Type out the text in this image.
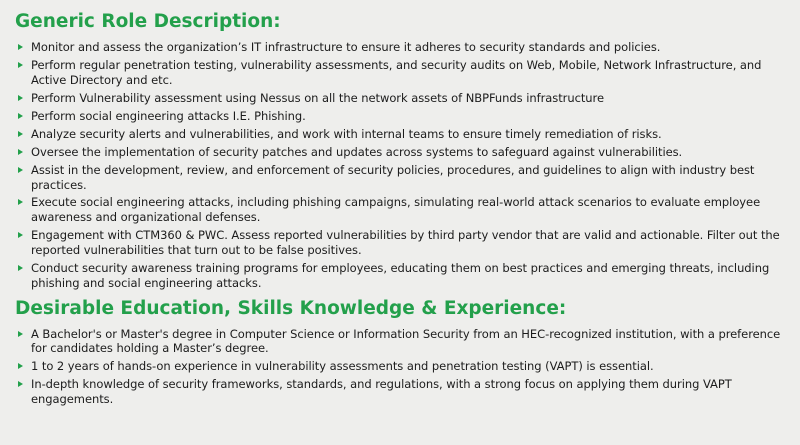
Generic Role Description:
Monitor and assess the organization’s IT infrastructure to ensure it adheres to security standards and policies.
Perform regular penetration testing, vulnerability assessments, and security audits on Web, Mobile, Network Infrastructure, and Active Directory and etc.
Perform Vulnerability assessment using Nessus on all the network assets of NBPFunds infrastructure
Perform social engineering attacks I.E. Phishing.
Analyze security alerts and vulnerabilities, and work with internal teams to ensure timely remediation of risks.
Oversee the implementation of security patches and updates across systems to safeguard against vulnerabilities.
Assist in the development, review, and enforcement of security policies, procedures, and guidelines to align with industry best practices.
Execute social engineering attacks, including phishing campaigns, simulating real-world attack scenarios to evaluate employee awareness and organizational defenses.
Engagement with CTM360 & PWC. Assess reported vulnerabilities by third party vendor that are valid and actionable. Filter out the reported vulnerabilities that turn out to be false positives.
Conduct security awareness training programs for employees, educating them on best practices and emerging threats, including phishing and social engineering attacks.
Desirable Education, Skills Knowledge & Experience:
A Bachelor's or Master's degree in Computer Science or Information Security from an HEC-recognized institution, with a preference for candidates holding a Master’s degree.
1 to 2 years of hands-on experience in vulnerability assessments and penetration testing (VAPT) is essential.
In-depth knowledge of security frameworks, standards, and regulations, with a strong focus on applying them during VAPT engagements.
